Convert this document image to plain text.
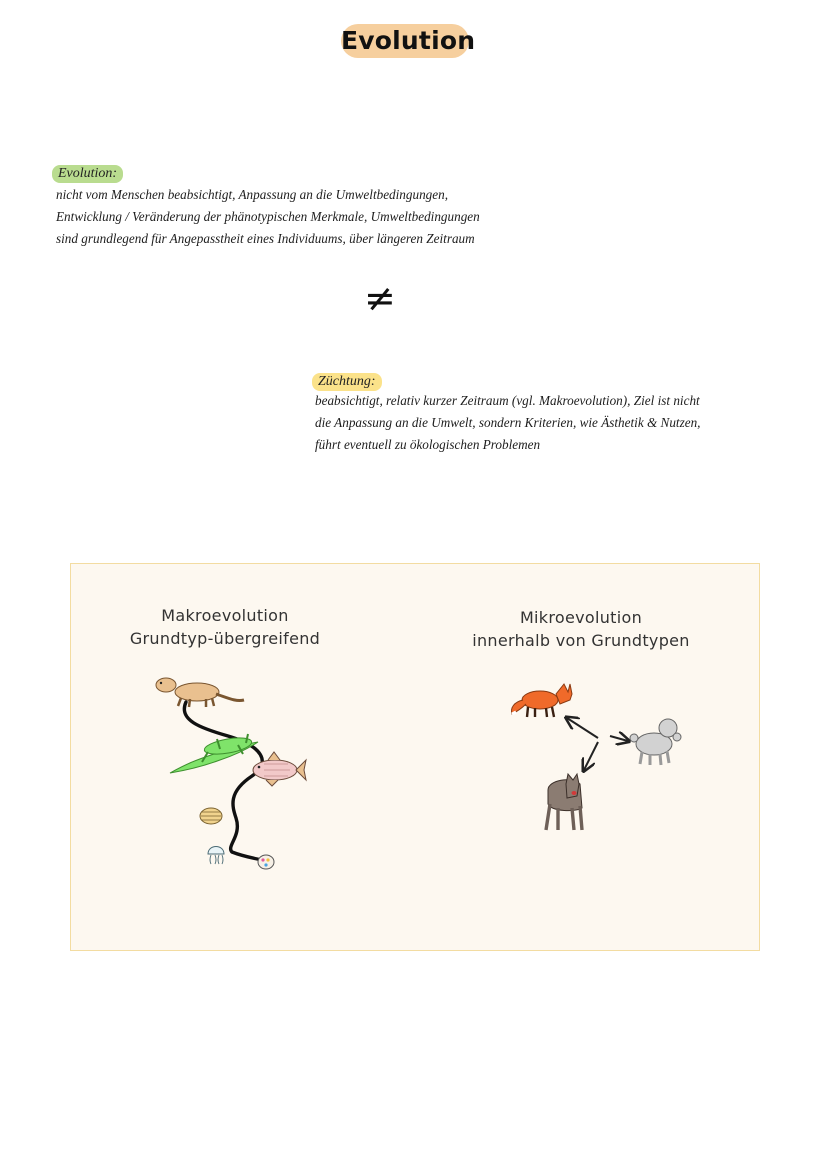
Evolution
Evolution:
nicht vom Menschen beabsichtigt, Anpassung an die Umweltbedingungen,
Entwicklung / Veränderung der phänotypischen Merkmale, Umweltbedingungen
sind grundlegend für Angepasstheit eines Individuums, über längeren Zeitraum
≠
Züchtung:
beabsichtigt, relativ kurzer Zeitraum (vgl. Makroevolution), Ziel ist nicht
die Anpassung an die Umwelt, sondern Kriterien, wie Ästhetik & Nutzen,
führt eventuell zu ökologischen Problemen
Makroevolution
Grundtyp-übergreifend
Mikroevolution
innerhalb von Grundtypen
